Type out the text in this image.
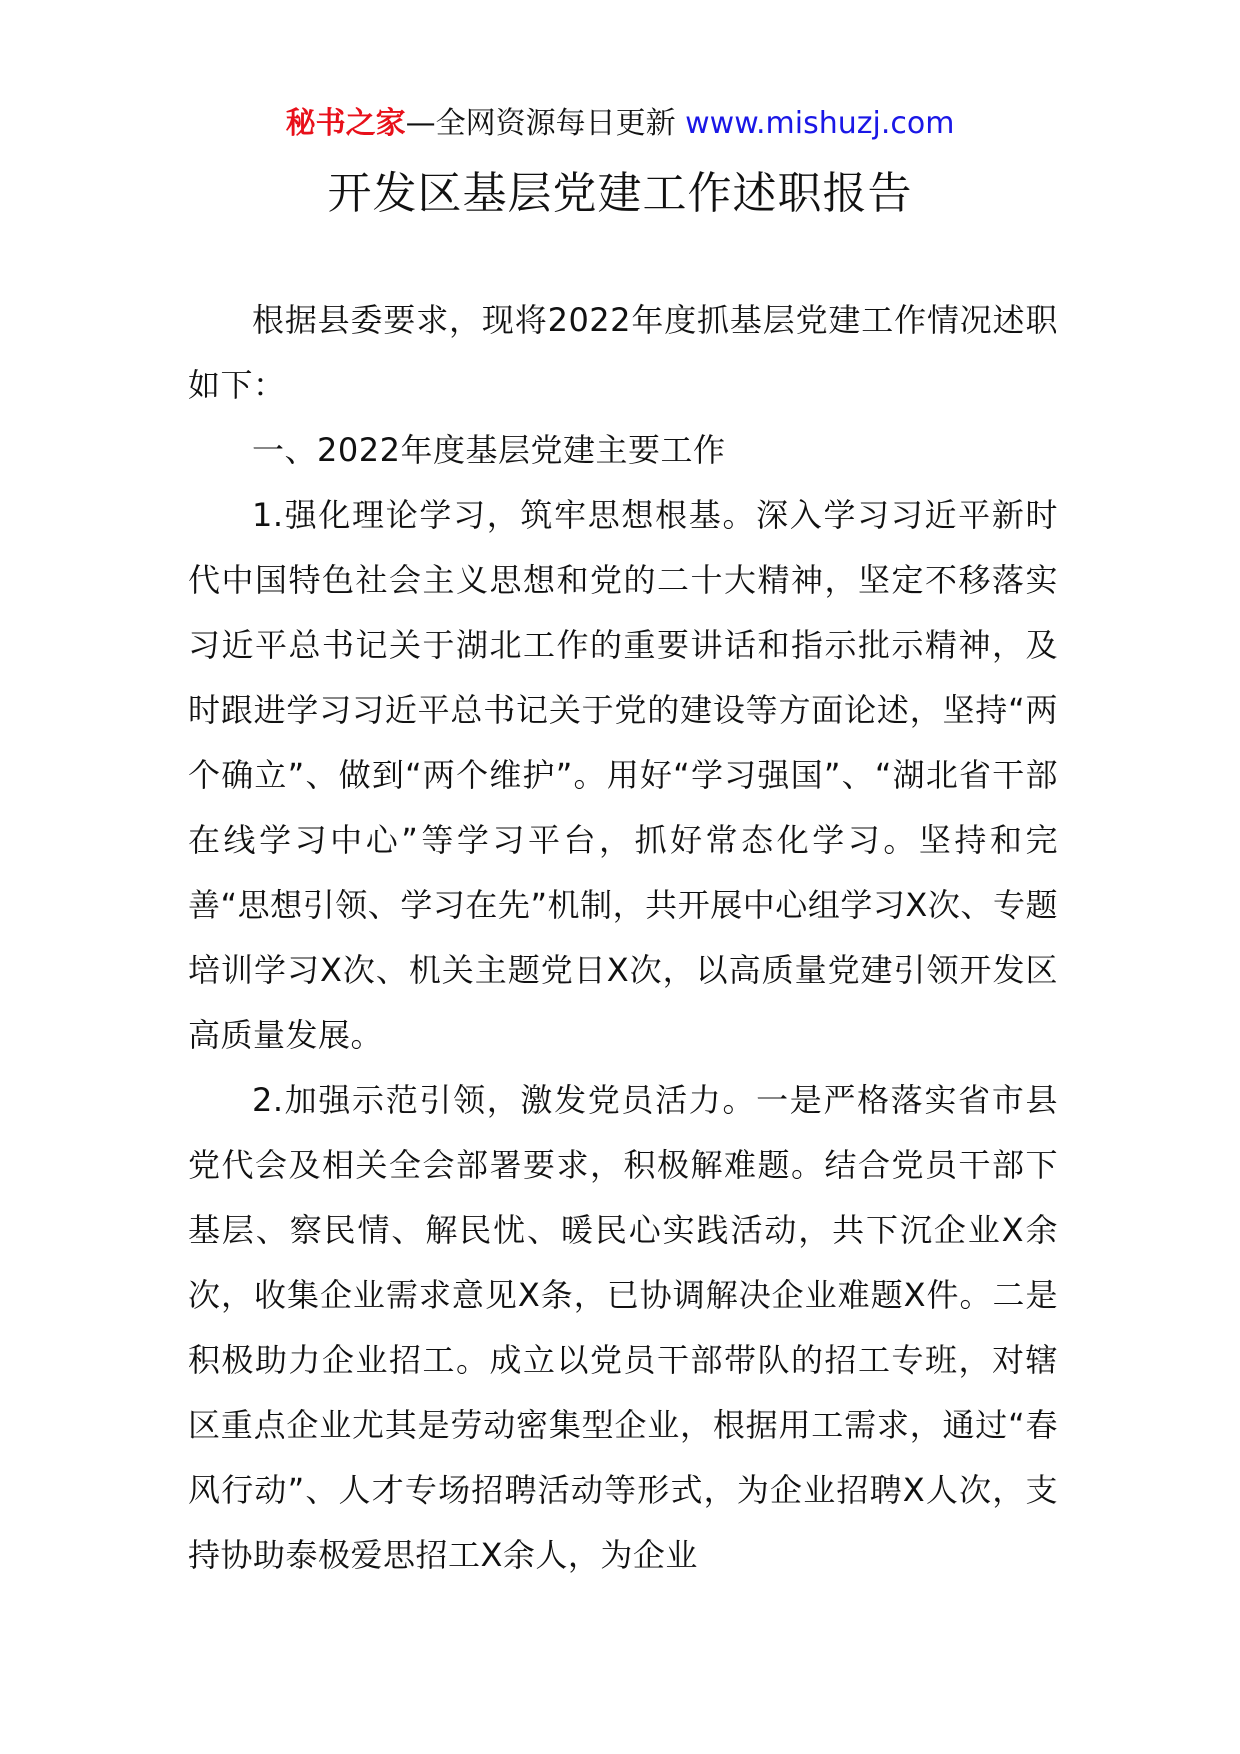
秘书之家—全网资源每日更新 www.mishuzj.com
开发区基层党建工作述职报告

根据县委要求，现将2022年度抓基层党建工作情况述职如下：

一、2022年度基层党建主要工作

1.强化理论学习，筑牢思想根基。深入学习习近平新时代中国特色社会主义思想和党的二十大精神，坚定不移落实习近平总书记关于湖北工作的重要讲话和指示批示精神，及时跟进学习习近平总书记关于党的建设等方面论述，坚持“两个确立”、做到“两个维护”。用好“学习强国”、“湖北省干部在线学习中心”等学习平台，抓好常态化学习。坚持和完善“思想引领、学习在先”机制，共开展中心组学习X次、专题培训学习X次、机关主题党日X次，以高质量党建引领开发区高质量发展。

2.加强示范引领，激发党员活力。一是严格落实省市县党代会及相关全会部署要求，积极解难题。结合党员干部下基层、察民情、解民忧、暖民心实践活动，共下沉企业X余次，收集企业需求意见X条，已协调解决企业难题X件。二是积极助力企业招工。成立以党员干部带队的招工专班，对辖区重点企业尤其是劳动密集型企业，根据用工需求，通过“春风行动”、人才专场招聘活动等形式，为企业招聘X人次，支持协助泰极爱思招工X余人，为企业
